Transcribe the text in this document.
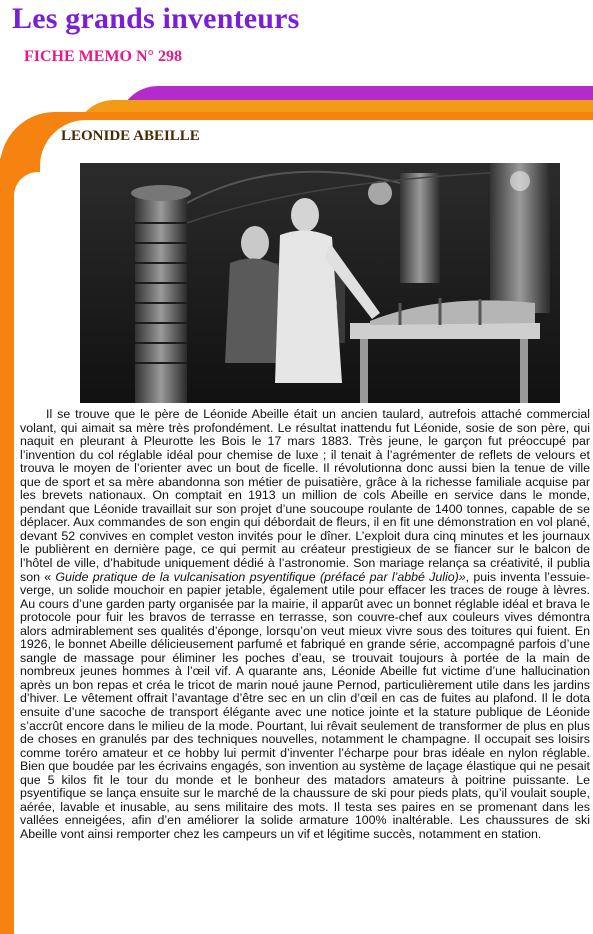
Les grands inventeurs
FICHE MEMO N° 298
LEONIDE ABEILLE

Il se trouve que le père de Léonide Abeille était un ancien taulard, autrefois attaché commercial volant, qui aimait sa mère très profondément. Le résultat inattendu fut Léonide, sosie de son père, qui naquit en pleurant à Pleurotte les Bois le 17 mars 1883. Très jeune, le garçon fut préoccupé par l’invention du col réglable idéal pour chemise de luxe ; il tenait à l’agrémenter de reflets de velours et trouva le moyen de l’orienter avec un bout de ficelle. Il révolutionna donc aussi bien la tenue de ville que de sport et sa mère abandonna son métier de puisatière, grâce à la richesse familiale acquise par les brevets nationaux. On comptait en 1913 un million de cols Abeille en service dans le monde, pendant que Léonide travaillait sur son projet d’une soucoupe roulante de 1400 tonnes, capable de se déplacer. Aux commandes de son engin qui débordait de fleurs, il en fit une démonstration en vol plané, devant 52 convives en complet veston invités pour le dîner. L’exploit dura cinq minutes et les journaux le publièrent en dernière page, ce qui permit au créateur prestigieux de se fiancer sur le balcon de l’hôtel de ville, d’habitude uniquement dédié à l’astronomie. Son mariage relança sa créativité, il publia son « Guide pratique de la vulcanisation psyentifique (préfacé par l’abbé Julio)», puis inventa l’essuie-verge, un solide mouchoir en papier jetable, également utile pour effacer les traces de rouge à lèvres. Au cours d’une garden party organisée par la mairie, il apparût avec un bonnet réglable idéal et brava le protocole pour fuir les bravos de terrasse en terrasse, son couvre-chef aux couleurs vives démontra alors admirablement ses qualités d’éponge, lorsqu’on veut mieux vivre sous des toitures qui fuient. En 1926, le bonnet Abeille délicieusement parfumé et fabriqué en grande série, accompagné parfois d’une sangle de massage pour éliminer les poches d’eau, se trouvait toujours à portée de la main de nombreux jeunes hommes à l’œil vif. A quarante ans, Léonide Abeille fut victime d’une hallucination après un bon repas et créa le tricot de marin noué jaune Pernod, particulièrement utile dans les jardins d’hiver. Le vêtement offrait l’avantage d’être sec en un clin d’œil en cas de fuites au plafond. Il le dota ensuite d’une sacoche de transport élégante avec une notice jointe et la stature publique de Léonide s’accrût encore dans le milieu de la mode. Pourtant, lui rêvait seulement de transformer de plus en plus de choses en granulés par des techniques nouvelles, notamment le champagne. Il occupait ses loisirs comme toréro amateur et ce hobby lui permit d’inventer l’écharpe pour bras idéale en nylon réglable. Bien que boudée par les écrivains engagés, son invention au système de laçage élastique qui ne pesait que 5 kilos fit le tour du monde et le bonheur des matadors amateurs à poitrine puissante. Le psyentifique se lança ensuite sur le marché de la chaussure de ski pour pieds plats, qu’il voulait souple, aérée, lavable et inusable, au sens militaire des mots. Il testa ses paires en se promenant dans les vallées enneigées, afin d’en améliorer la solide armature 100% inaltérable. Les chaussures de ski Abeille vont ainsi remporter chez les campeurs un vif et légitime succès, notamment en station.
